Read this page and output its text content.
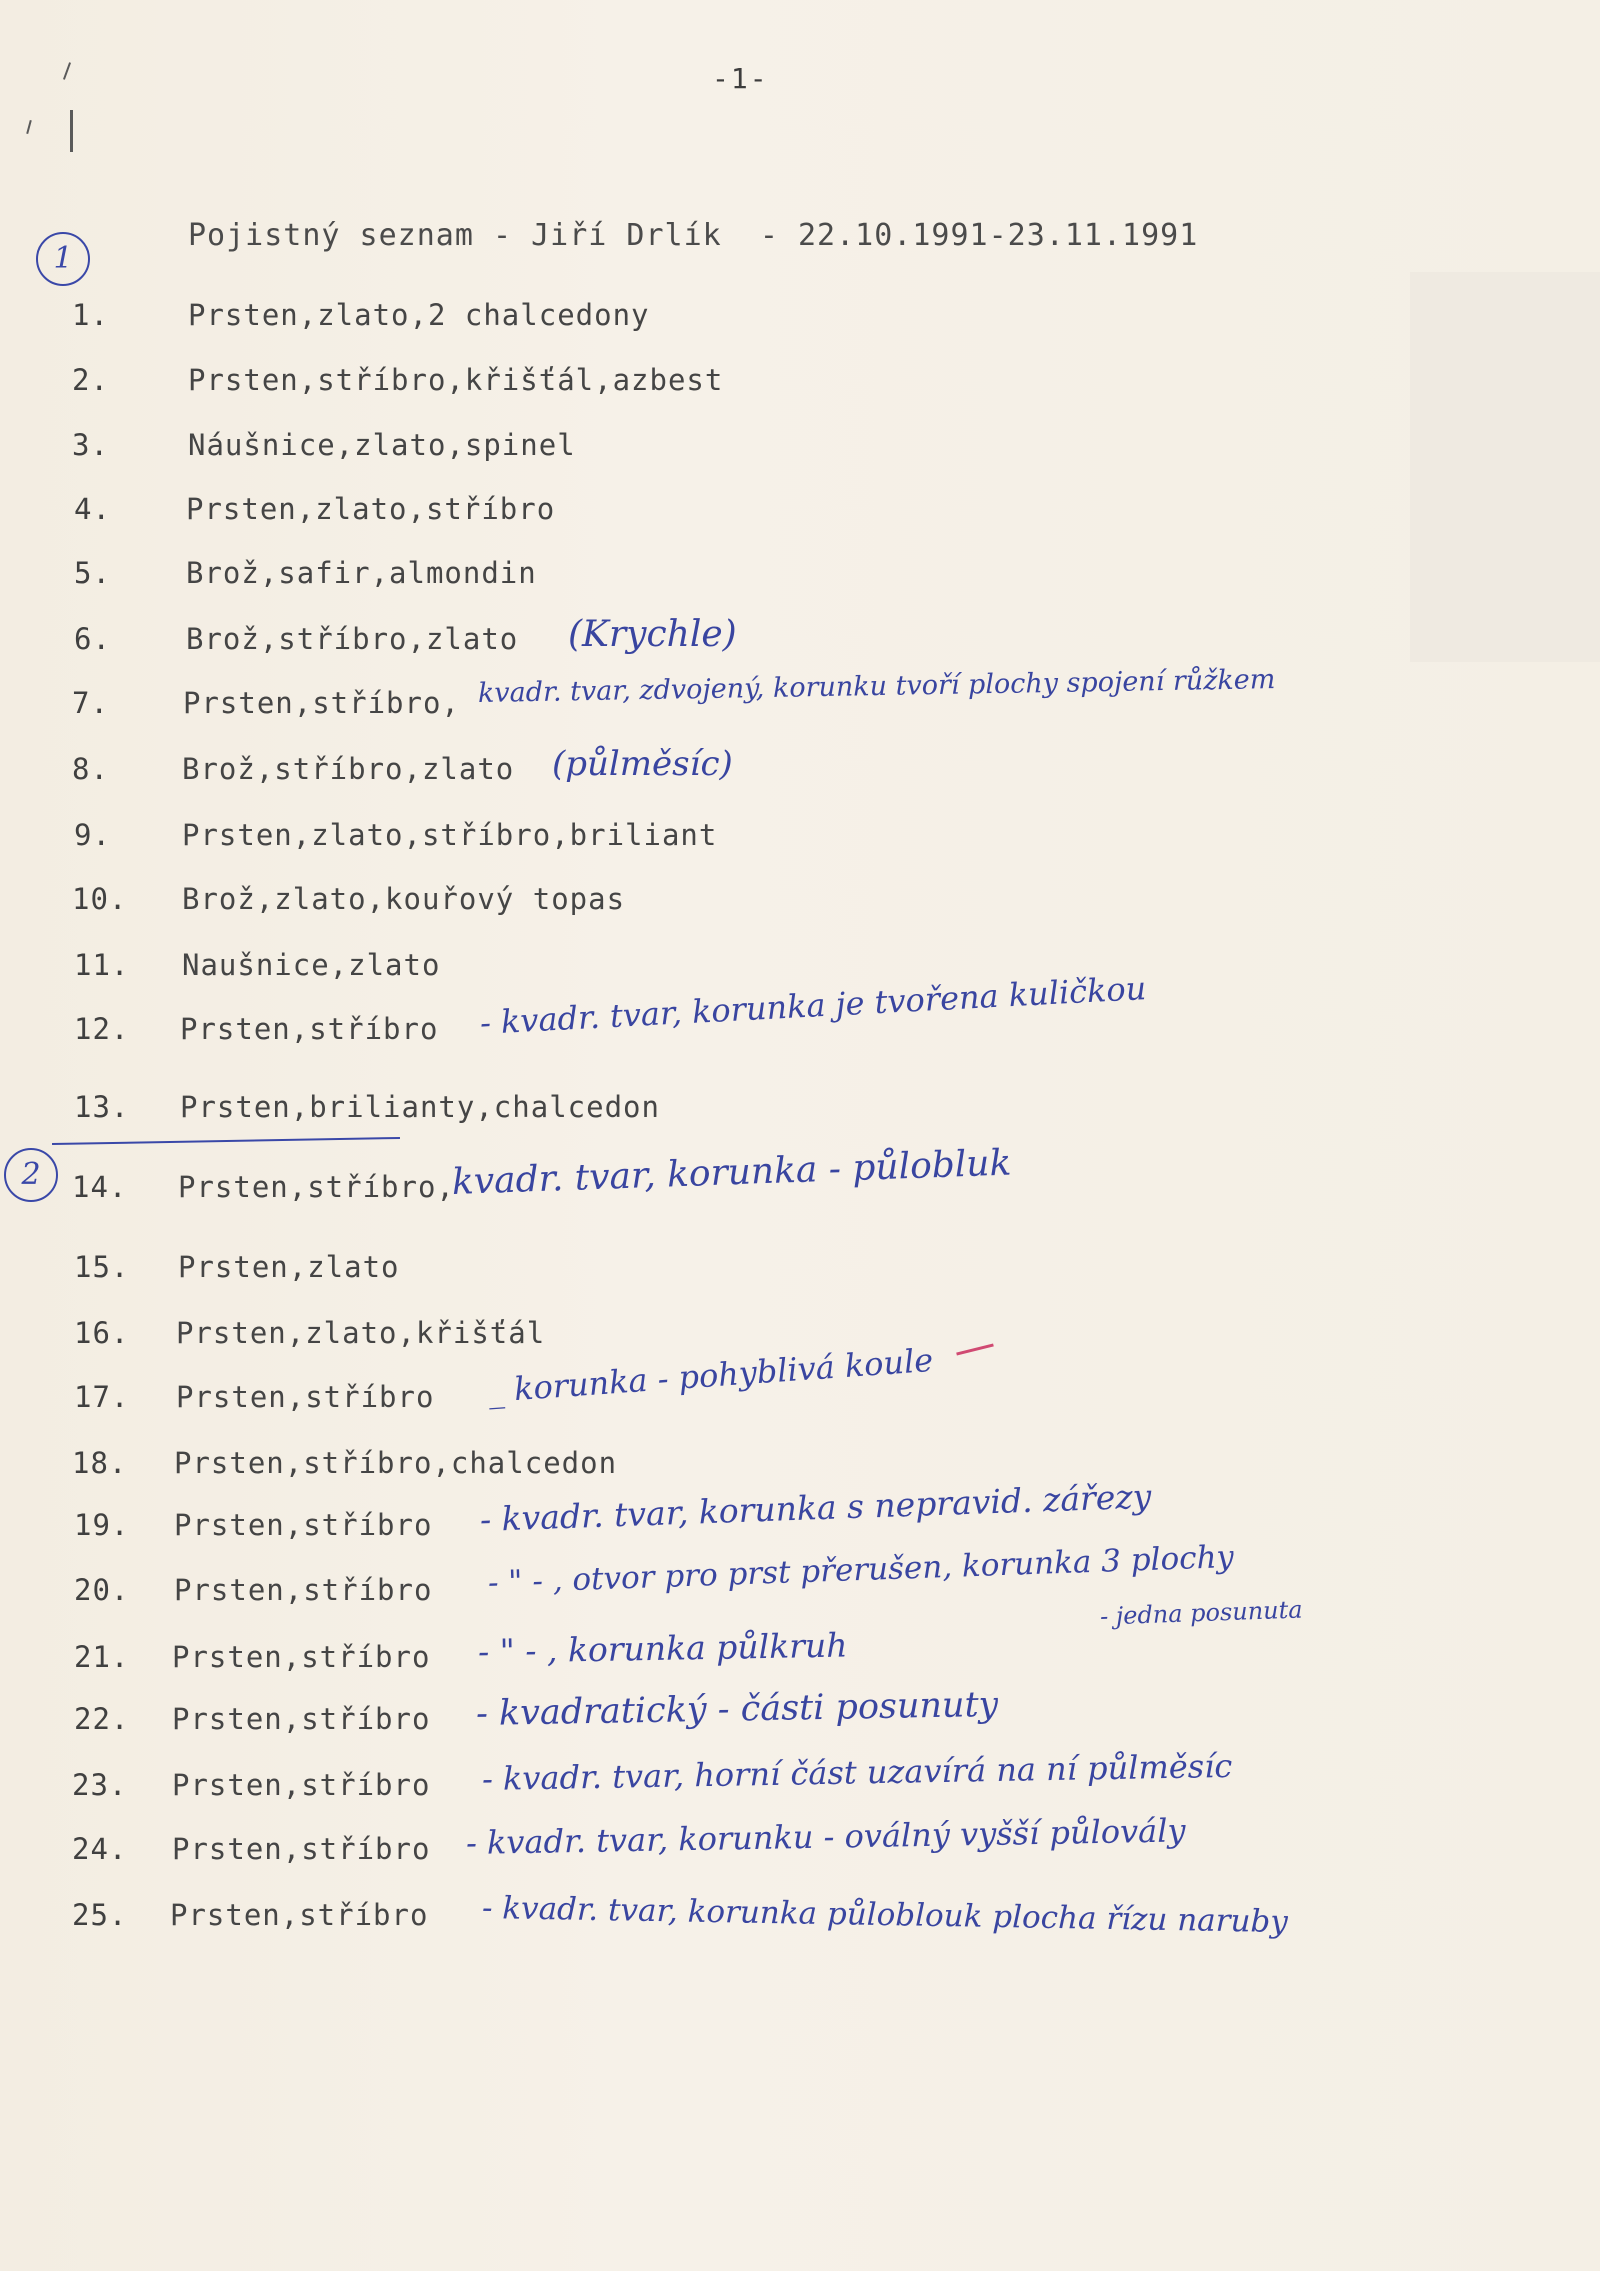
-1-
1
Pojistný seznam - Jiří Drlík  - 22.10.1991-23.11.1991
2
1.	Prsten,zlato,2 chalcedony
2.	Prsten,stříbro,křišťál,azbest
3.	Náušnice,zlato,spinel
4.	Prsten,zlato,stříbro
5.	Brož,safir,almondin
6.	Brož,stříbro,zlato (Krychle)
7.	Prsten,stříbro, kvadr. tvar, zdvojený, korunku tvoří plochy spojení růžkem
8.	Brož,stříbro,zlato (půlměsíc)
9.	Prsten,zlato,stříbro,briliant
10.	Brož,zlato,kouřový topas
11.	Naušnice,zlato
12.	Prsten,stříbro - kvadr. tvar, korunka je tvořena kuličkou
13.	Prsten,brilianty,chalcedon
14.	Prsten,stříbro,
kvadr. tvar, korunka - půlobluk
15.	Prsten,zlato
16.	Prsten,zlato,křišťál
17.	Prsten,stříbro _ korunka - pohyblivá koule
18.	Prsten,stříbro,chalcedon
19.	Prsten,stříbro - kvadr. tvar, korunka s nepravid. zářezy
20.	Prsten,stříbro - " - , otvor pro prst přerušen, korunka 3 plochy
- jedna posunuta
21.	Prsten,stříbro - " - , korunka půlkruh
22.	Prsten,stříbro - kvadratický - části posunuty
23.	Prsten,stříbro - kvadr. tvar, horní část uzavírá na ní půlměsíc
24.	Prsten,stříbro - kvadr. tvar, korunku - oválný vyšší půlovály
25.	Prsten,stříbro - kvadr. tvar, korunka půloblouk plocha řízu naruby
